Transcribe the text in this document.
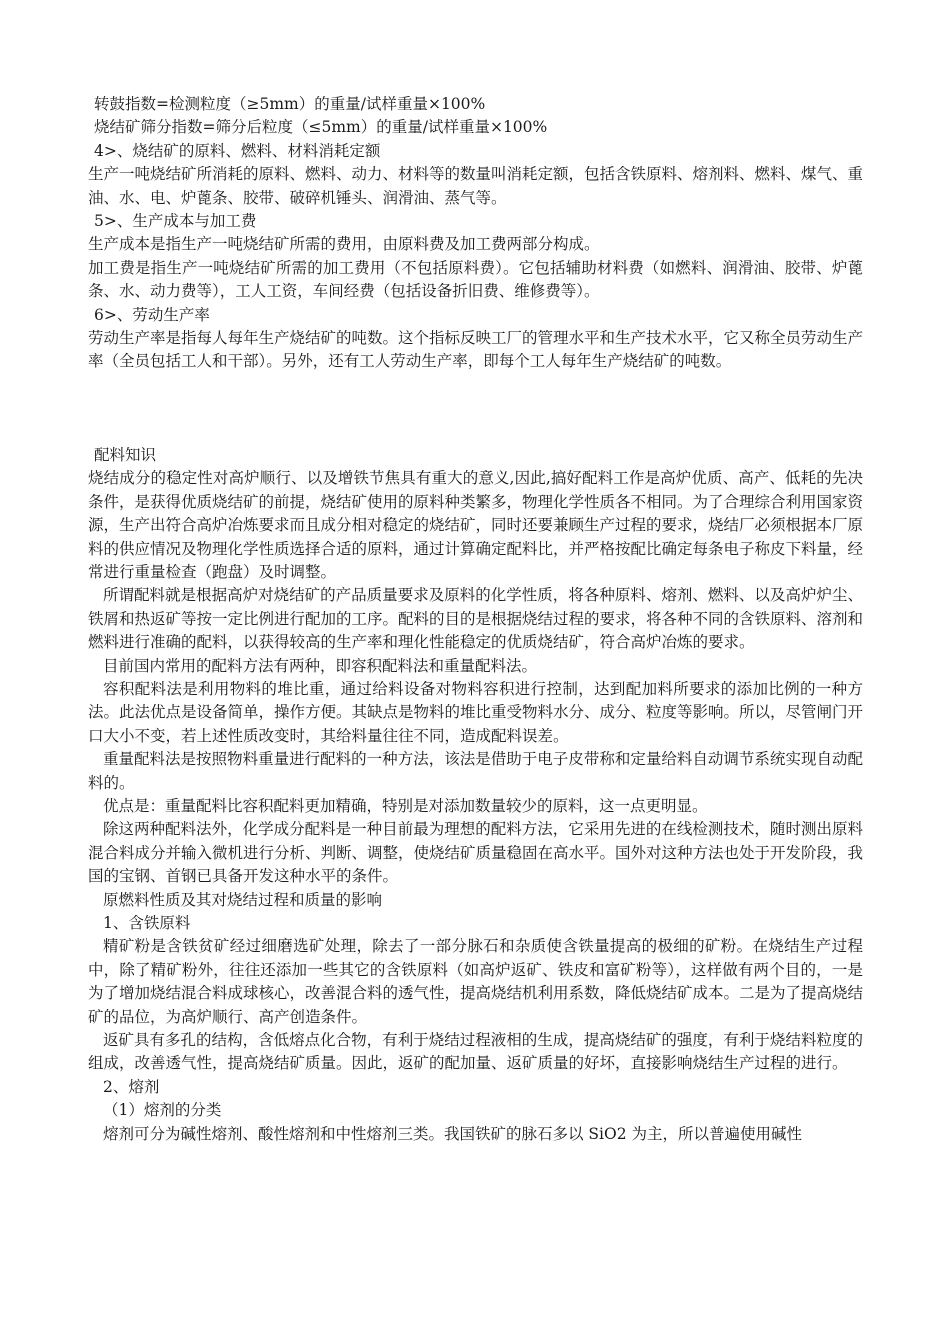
转鼓指数=检测粒度（≥5mm）的重量/试样重量×100%

烧结矿筛分指数=筛分后粒度（≤5mm）的重量/试样重量×100%

4>、烧结矿的原料、燃料、材料消耗定额

生产一吨烧结矿所消耗的原料、燃料、动力、材料等的数量叫消耗定额，包括含铁原料、熔剂料、燃料、煤气、重油、水、电、炉蓖条、胶带、破碎机锤头、润滑油、蒸气等。

5>、生产成本与加工费

生产成本是指生产一吨烧结矿所需的费用，由原料费及加工费两部分构成。

加工费是指生产一吨烧结矿所需的加工费用（不包括原料费）。它包括辅助材料费（如燃料、润滑油、胶带、炉蓖条、水、动力费等），工人工资，车间经费（包括设备折旧费、维修费等）。

6>、劳动生产率

劳动生产率是指每人每年生产烧结矿的吨数。这个指标反映工厂的管理水平和生产技术水平，它又称全员劳动生产率（全员包括工人和干部）。另外，还有工人劳动生产率，即每个工人每年生产烧结矿的吨数。

配料知识

烧结成分的稳定性对高炉顺行、以及增铁节焦具有重大的意义,因此,搞好配料工作是高炉优质、高产、低耗的先决条件，是获得优质烧结矿的前提，烧结矿使用的原料种类繁多，物理化学性质各不相同。为了合理综合利用国家资源，生产出符合高炉冶炼要求而且成分相对稳定的烧结矿，同时还要兼顾生产过程的要求，烧结厂必须根据本厂原料的供应情况及物理化学性质选择合适的原料，通过计算确定配料比，并严格按配比确定每条电子称皮下料量，经常进行重量检查（跑盘）及时调整。

所谓配料就是根据高炉对烧结矿的产品质量要求及原料的化学性质，将各种原料、熔剂、燃料、以及高炉炉尘、铁屑和热返矿等按一定比例进行配加的工序。配料的目的是根据烧结过程的要求，将各种不同的含铁原料、溶剂和燃料进行准确的配料，以获得较高的生产率和理化性能稳定的优质烧结矿，符合高炉冶炼的要求。

目前国内常用的配料方法有两种，即容积配料法和重量配料法。

容积配料法是利用物料的堆比重，通过给料设备对物料容积进行控制，达到配加料所要求的添加比例的一种方法。此法优点是设备简单，操作方便。其缺点是物料的堆比重受物料水分、成分、粒度等影响。所以，尽管闸门开口大小不变，若上述性质改变时，其给料量往往不同，造成配料误差。

重量配料法是按照物料重量进行配料的一种方法，该法是借助于电子皮带称和定量给料自动调节系统实现自动配料的。

优点是：重量配料比容积配料更加精确，特别是对添加数量较少的原料，这一点更明显。

除这两种配料法外，化学成分配料是一种目前最为理想的配料方法，它采用先进的在线检测技术，随时测出原料混合料成分并输入微机进行分析、判断、调整，使烧结矿质量稳固在高水平。国外对这种方法也处于开发阶段，我国的宝钢、首钢已具备开发这种水平的条件。

原燃料性质及其对烧结过程和质量的影响

1、含铁原料

精矿粉是含铁贫矿经过细磨选矿处理，除去了一部分脉石和杂质使含铁量提高的极细的矿粉。在烧结生产过程中，除了精矿粉外，往往还添加一些其它的含铁原料（如高炉返矿、铁皮和富矿粉等），这样做有两个目的，一是为了增加烧结混合料成球核心，改善混合料的透气性，提高烧结机利用系数，降低烧结矿成本。二是为了提高烧结矿的品位，为高炉顺行、高产创造条件。

返矿具有多孔的结构，含低熔点化合物，有利于烧结过程液相的生成，提高烧结矿的强度，有利于烧结料粒度的组成，改善透气性，提高烧结矿质量。因此，返矿的配加量、返矿质量的好坏，直接影响烧结生产过程的进行。

2、熔剂

（1）熔剂的分类

熔剂可分为碱性熔剂、酸性熔剂和中性熔剂三类。我国铁矿的脉石多以 SiO2 为主，所以普遍使用碱性
